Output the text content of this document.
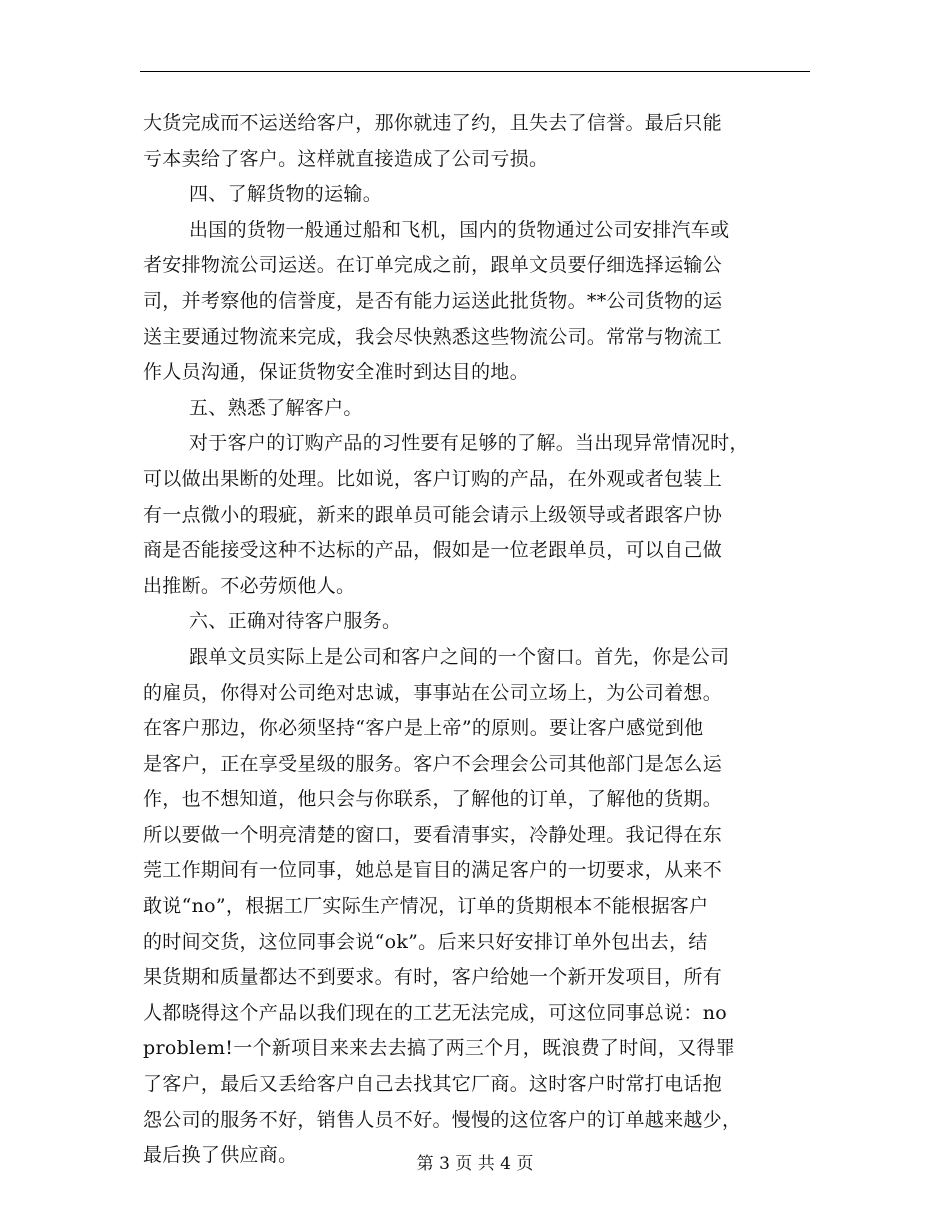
大货完成而不运送给客户，那你就违了约，且失去了信誉。最后只能
亏本卖给了客户。这样就直接造成了公司亏损。
四、了解货物的运输。
出国的货物一般通过船和飞机，国内的货物通过公司安排汽车或
者安排物流公司运送。在订单完成之前，跟单文员要仔细选择运输公
司，并考察他的信誉度，是否有能力运送此批货物。**公司货物的运
送主要通过物流来完成，我会尽快熟悉这些物流公司。常常与物流工
作人员沟通，保证货物安全准时到达目的地。
五、熟悉了解客户。
对于客户的订购产品的习性要有足够的了解。当出现异常情况时，
可以做出果断的处理。比如说，客户订购的产品，在外观或者包装上
有一点微小的瑕疵，新来的跟单员可能会请示上级领导或者跟客户协
商是否能接受这种不达标的产品，假如是一位老跟单员，可以自己做
出推断。不必劳烦他人。
六、正确对待客户服务。
跟单文员实际上是公司和客户之间的一个窗口。首先，你是公司
的雇员，你得对公司绝对忠诚，事事站在公司立场上，为公司着想。
在客户那边，你必须坚持“客户是上帝”的原则。要让客户感觉到他
是客户，正在享受星级的服务。客户不会理会公司其他部门是怎么运
作，也不想知道，他只会与你联系，了解他的订单，了解他的货期。
所以要做一个明亮清楚的窗口，要看清事实，冷静处理。我记得在东
莞工作期间有一位同事，她总是盲目的满足客户的一切要求，从来不
敢说“no”，根据工厂实际生产情况，订单的货期根本不能根据客户
的时间交货，这位同事会说“ok”。后来只好安排订单外包出去，结
果货期和质量都达不到要求。有时，客户给她一个新开发项目，所有
人都晓得这个产品以我们现在的工艺无法完成，可这位同事总说：no
problem!一个新项目来来去去搞了两三个月，既浪费了时间，又得罪
了客户，最后又丢给客户自己去找其它厂商。这时客户时常打电话抱
怨公司的服务不好，销售人员不好。慢慢的这位客户的订单越来越少，
最后换了供应商。	第 3 页 共 4 页
